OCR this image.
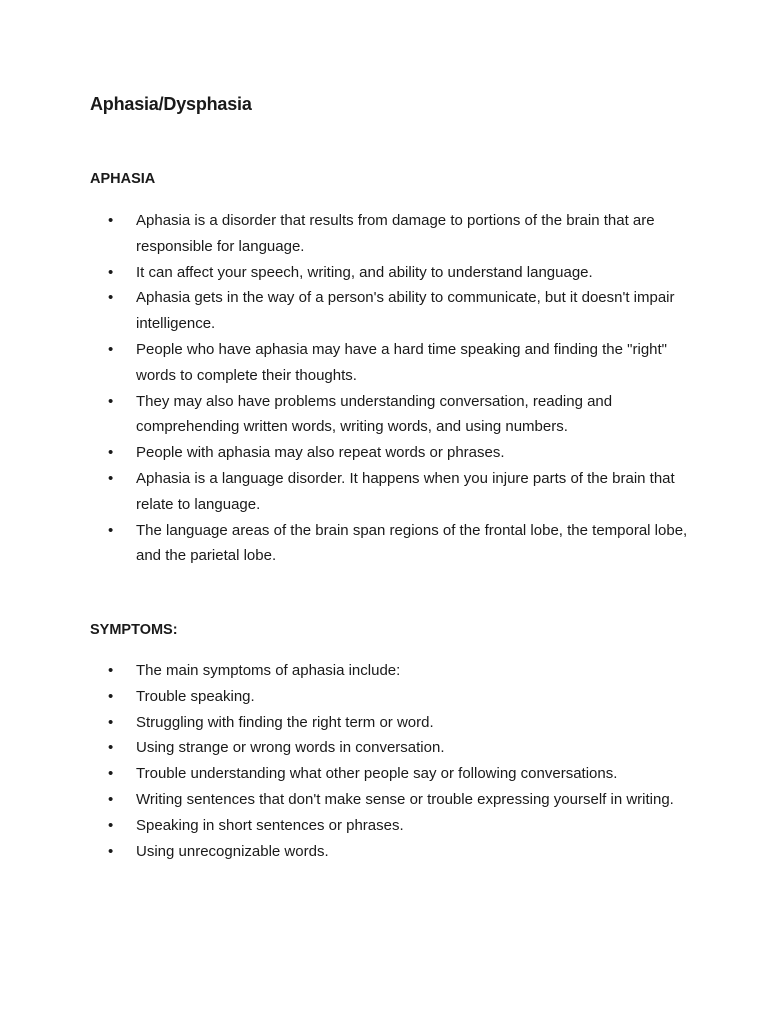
Aphasia/Dysphasia
APHASIA
•	Aphasia is a disorder that results from damage to portions of the brain that are responsible for language.
•	It can affect your speech, writing, and ability to understand language.
•	Aphasia gets in the way of a person's ability to communicate, but it doesn't impair intelligence.
•	People who have aphasia may have a hard time speaking and finding the "right" words to complete their thoughts.
•	They may also have problems understanding conversation, reading and comprehending written words, writing words, and using numbers.
•	People with aphasia may also repeat words or phrases.
•	Aphasia is a language disorder. It happens when you injure parts of the brain that relate to language.
•	The language areas of the brain span regions of the frontal lobe, the temporal lobe, and the parietal lobe.
SYMPTOMS:
•	The main symptoms of aphasia include:
•	Trouble speaking.
•	Struggling with finding the right term or word.
•	Using strange or wrong words in conversation.
•	Trouble understanding what other people say or following conversations.
•	Writing sentences that don't make sense or trouble expressing yourself in writing.
•	Speaking in short sentences or phrases.
•	Using unrecognizable words.
